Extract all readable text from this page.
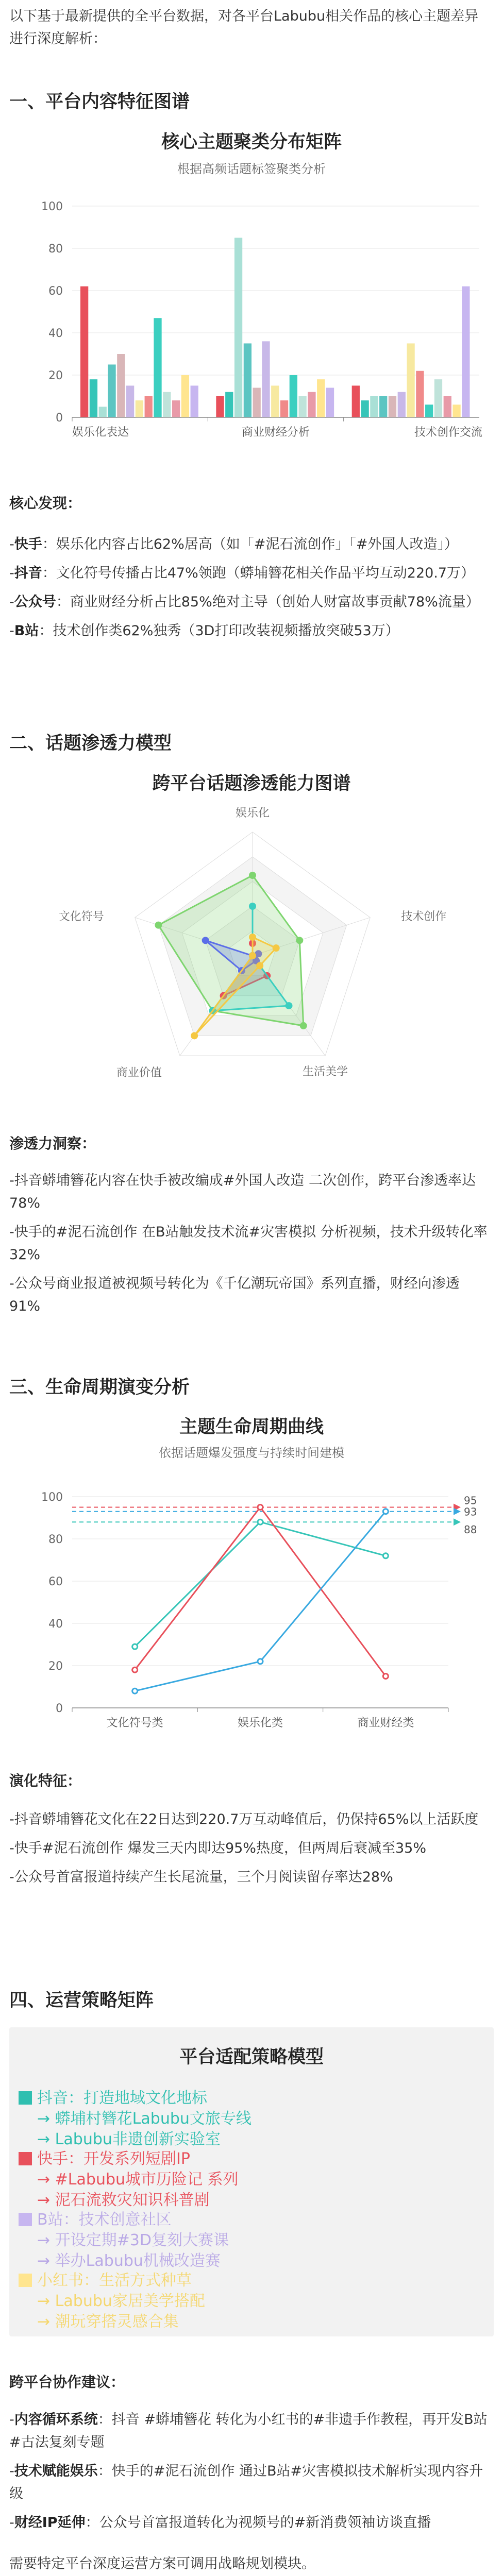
以下基于最新提供的全平台数据，对各平台Labubu相关作品的核心主题差异进行深度解析：
一、平台内容特征图谱
核心主题聚类分布矩阵
根据高频话题标签聚类分析
0
20
40
60
80
100
娱乐化表达	商业财经分析	技术创作交流
核心发现：
-快手：娱乐化内容占比62%居高（如「#泥石流创作」「#外国人改造」）
-抖音：文化符号传播占比47%领跑（蟒埔簪花相关作品平均互动220.7万）
-公众号：商业财经分析占比85%绝对主导（创始人财富故事贡献78%流量）
-B站：技术创作类62%独秀（3D打印改装视频播放突破53万）
二、话题渗透力模型
跨平台话题渗透能力图谱
娱乐化
技术创作
生活美学
商业价值
文化符号
渗透力洞察：
-抖音蟒埔簪花内容在快手被改编成#外国人改造 二次创作，跨平台渗透率达78%
-快手的#泥石流创作 在B站触发技术流#灾害模拟 分析视频，技术升级转化率32%
-公众号商业报道被视频号转化为《千亿潮玩帝国》系列直播，财经向渗透91%
三、生命周期演变分析
主题生命周期曲线
依据话题爆发强度与持续时间建模
0
20
40
60
80
100
文化符号类	娱乐化类	商业财经类
95
93
88
演化特征：
-抖音蟒埔簪花文化在22日达到220.7万互动峰值后，仍保持65%以上活跃度
-快手#泥石流创作 爆发三天内即达95%热度，但两周后衰减至35%
-公众号首富报道持续产生长尾流量，三个月阅读留存率达28%
四、运营策略矩阵
平台适配策略模型
抖音：打造地域文化地标
→ 蟒埔村簪花Labubu文旅专线
→ Labubu非遗创新实验室
快手：开发系列短剧IP
→ #Labubu城市历险记 系列
→ 泥石流救灾知识科普剧
B站：技术创意社区
→ 开设定期#3D复刻大赛课
→ 举办Labubu机械改造赛
小红书：生活方式种草
→ Labubu家居美学搭配
→ 潮玩穿搭灵感合集
跨平台协作建议：
-内容循环系统：抖音 #蟒埔簪花 转化为小红书的#非遗手作教程，再开发B站#古法复刻专题
-技术赋能娱乐：快手的#泥石流创作 通过B站#灾害模拟技术解析实现内容升级
-财经IP延伸：公众号首富报道转化为视频号的#新消费领袖访谈直播
需要特定平台深度运营方案可调用战略规划模块。
